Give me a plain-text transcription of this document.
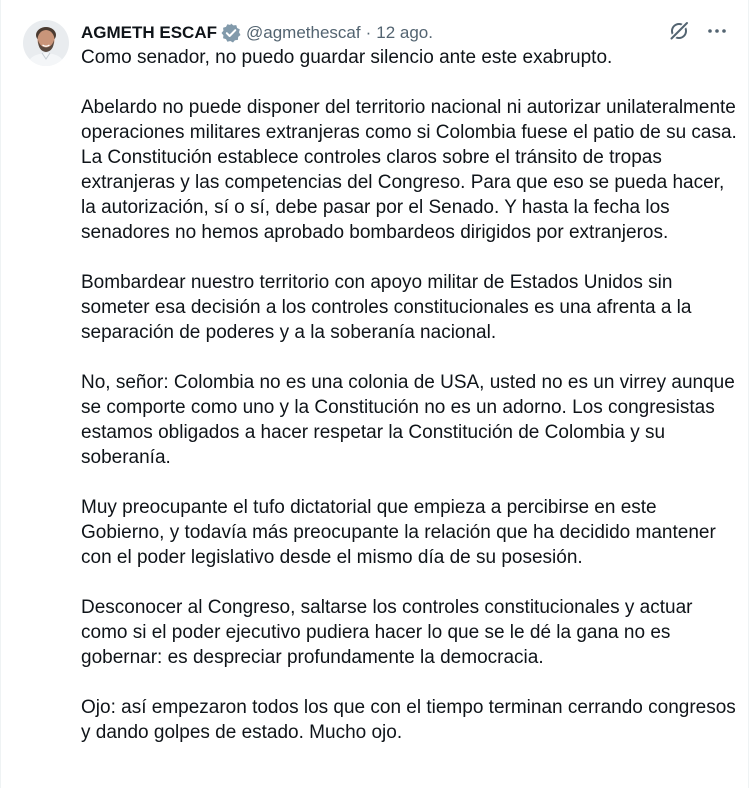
AGMETH ESCAF @agmethescaf · 12 ago.

Como senador, no puedo guardar silencio ante este exabrupto.

Abelardo no puede disponer del territorio nacional ni autorizar unilateralmente operaciones militares extranjeras como si Colombia fuese el patio de su casa. La Constitución establece controles claros sobre el tránsito de tropas extranjeras y las competencias del Congreso. Para que eso se pueda hacer, la autorización, sí o sí, debe pasar por el Senado. Y hasta la fecha los senadores no hemos aprobado bombardeos dirigidos por extranjeros.

Bombardear nuestro territorio con apoyo militar de Estados Unidos sin someter esa decisión a los controles constitucionales es una afrenta a la separación de poderes y a la soberanía nacional.

No, señor: Colombia no es una colonia de USA, usted no es un virrey aunque se comporte como uno y la Constitución no es un adorno. Los congresistas estamos obligados a hacer respetar la Constitución de Colombia y su soberanía.

Muy preocupante el tufo dictatorial que empieza a percibirse en este Gobierno, y todavía más preocupante la relación que ha decidido mantener con el poder legislativo desde el mismo día de su posesión.

Desconocer al Congreso, saltarse los controles constitucionales y actuar como si el poder ejecutivo pudiera hacer lo que se le dé la gana no es gobernar: es despreciar profundamente la democracia.

Ojo: así empezaron todos los que con el tiempo terminan cerrando congresos y dando golpes de estado. Mucho ojo.
